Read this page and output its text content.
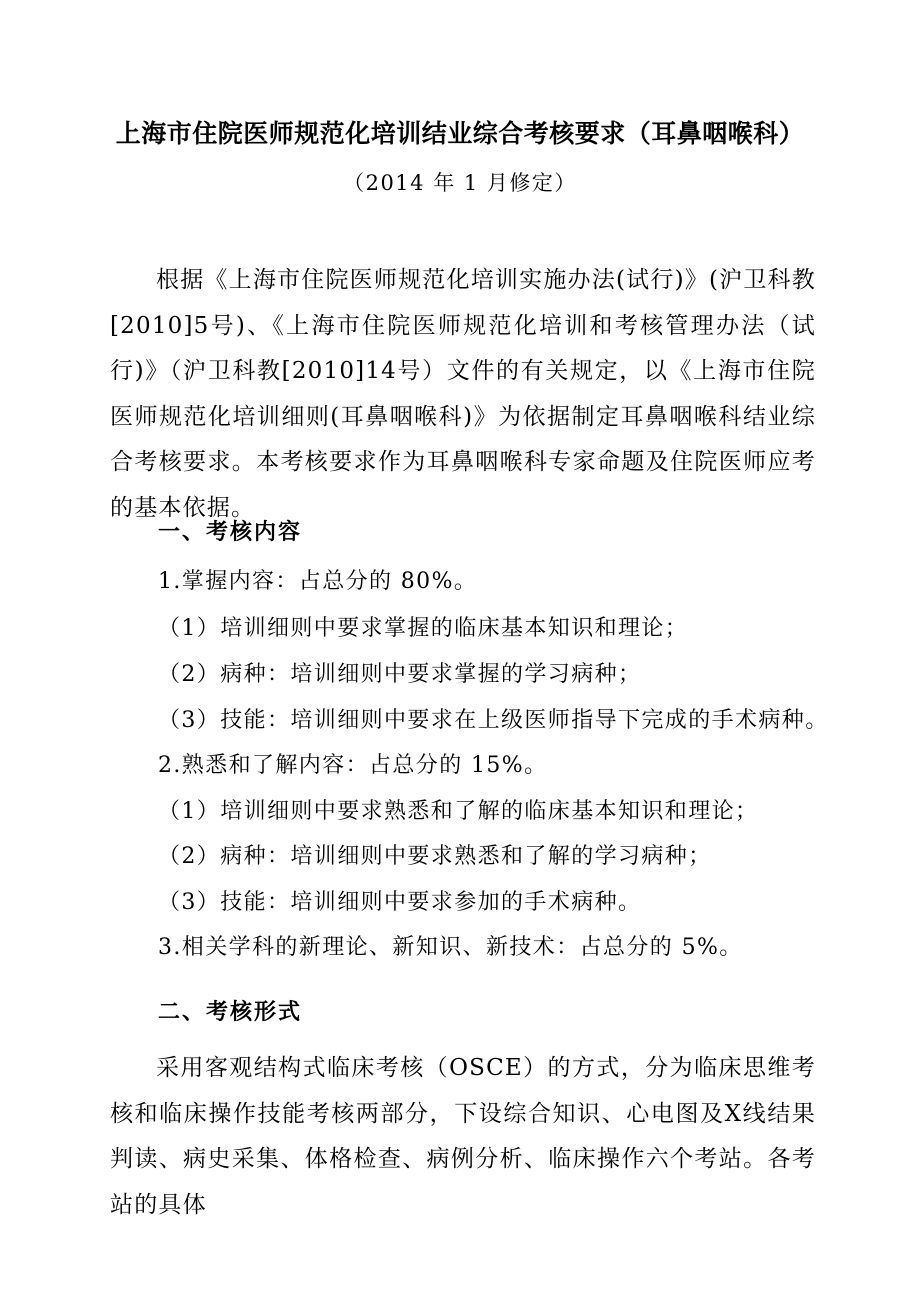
上海市住院医师规范化培训结业综合考核要求（耳鼻咽喉科）
（2014 年 1 月修定）

根据《上海市住院医师规范化培训实施办法(试行)》(沪卫科教[2010]5号)、《上海市住院医师规范化培训和考核管理办法（试行)》（沪卫科教[2010]14号）文件的有关规定，以《上海市住院医师规范化培训细则(耳鼻咽喉科)》为依据制定耳鼻咽喉科结业综合考核要求。本考核要求作为耳鼻咽喉科专家命题及住院医师应考的基本依据。

一、考核内容
1.掌握内容：占总分的 80%。
（1）培训细则中要求掌握的临床基本知识和理论；
（2）病种：培训细则中要求掌握的学习病种；
（3）技能：培训细则中要求在上级医师指导下完成的手术病种。
2.熟悉和了解内容：占总分的 15%。
（1）培训细则中要求熟悉和了解的临床基本知识和理论；
（2）病种：培训细则中要求熟悉和了解的学习病种；
（3）技能：培训细则中要求参加的手术病种。
3.相关学科的新理论、新知识、新技术：占总分的 5%。
二、考核形式

采用客观结构式临床考核（OSCE）的方式，分为临床思维考核和临床操作技能考核两部分，下设综合知识、心电图及X线结果判读、病史采集、体格检查、病例分析、临床操作六个考站。各考站的具体
